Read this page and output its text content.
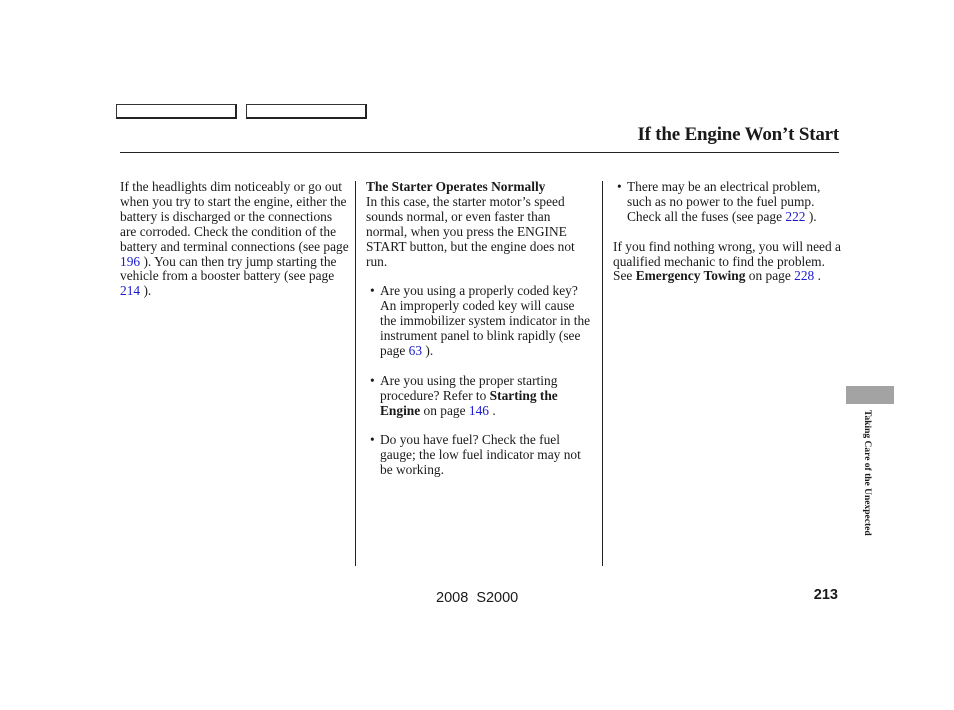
If the Engine Won’t Start

If the headlights dim noticeably or go out when you try to start the engine, either the battery is discharged or the connections are corroded. Check the condition of the battery and terminal connections (see page 196 ). You can then try jump starting the vehicle from a booster battery (see page 214 ).

The Starter Operates Normally

In this case, the starter motor’s speed sounds normal, or even faster than normal, when you press the ENGINE START button, but the engine does not run.

• Are you using a properly coded key? An improperly coded key will cause the immobilizer system indicator in the instrument panel to blink rapidly (see page 63 ).

• Are you using the proper starting procedure? Refer to Starting the Engine on page 146 .

• Do you have fuel? Check the fuel gauge; the low fuel indicator may not be working.

• There may be an electrical problem, such as no power to the fuel pump. Check all the fuses (see page 222 ).

If you find nothing wrong, you will need a qualified mechanic to find the problem. See Emergency Towing on page 228 .

Taking Care of the Unexpected
2008  S2000	213
